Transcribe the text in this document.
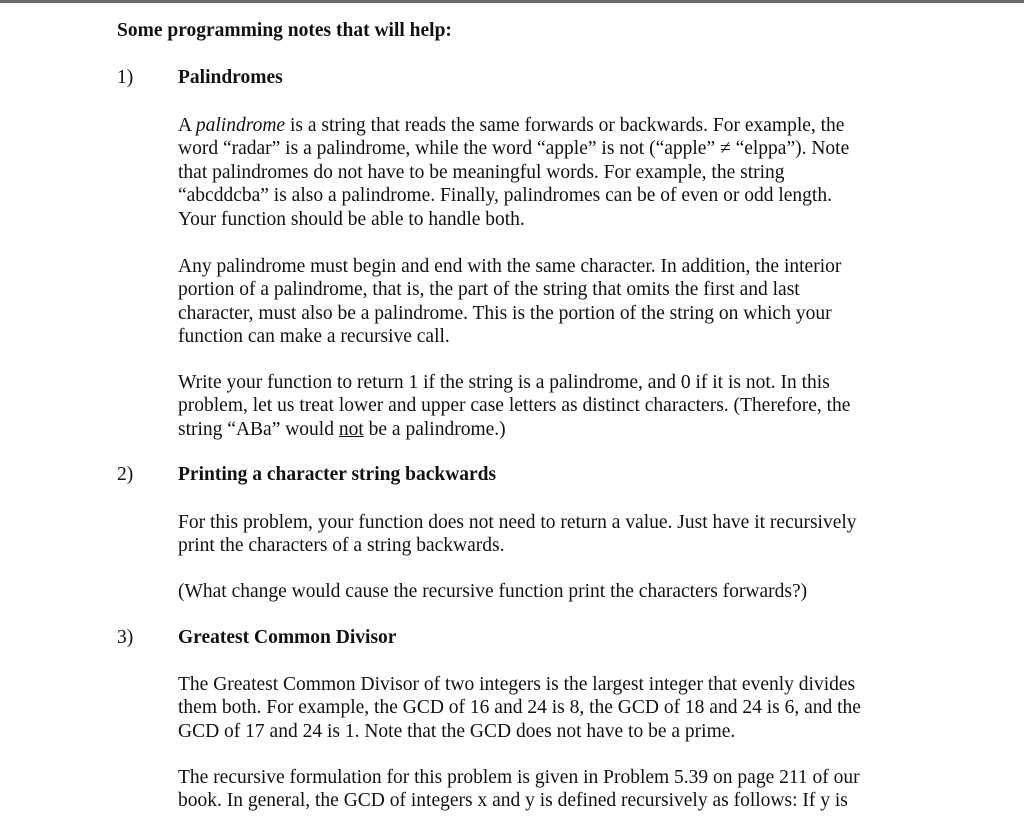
Some programming notes that will help:
1) Palindromes
A palindrome is a string that reads the same forwards or backwards. For example, the
word “radar” is a palindrome, while the word “apple” is not (“apple” ≠ “elppa”). Note
that palindromes do not have to be meaningful words. For example, the string
“abcddcba” is also a palindrome. Finally, palindromes can be of even or odd length.
Your function should be able to handle both.
Any palindrome must begin and end with the same character. In addition, the interior
portion of a palindrome, that is, the part of the string that omits the first and last
character, must also be a palindrome. This is the portion of the string on which your
function can make a recursive call.
Write your function to return 1 if the string is a palindrome, and 0 if it is not. In this
problem, let us treat lower and upper case letters as distinct characters. (Therefore, the
string “ABa” would not be a palindrome.)
2) Printing a character string backwards
For this problem, your function does not need to return a value. Just have it recursively
print the characters of a string backwards.
(What change would cause the recursive function print the characters forwards?)
3) Greatest Common Divisor
The Greatest Common Divisor of two integers is the largest integer that evenly divides
them both. For example, the GCD of 16 and 24 is 8, the GCD of 18 and 24 is 6, and the
GCD of 17 and 24 is 1. Note that the GCD does not have to be a prime.
The recursive formulation for this problem is given in Problem 5.39 on page 211 of our
book. In general, the GCD of integers x and y is defined recursively as follows: If y is
